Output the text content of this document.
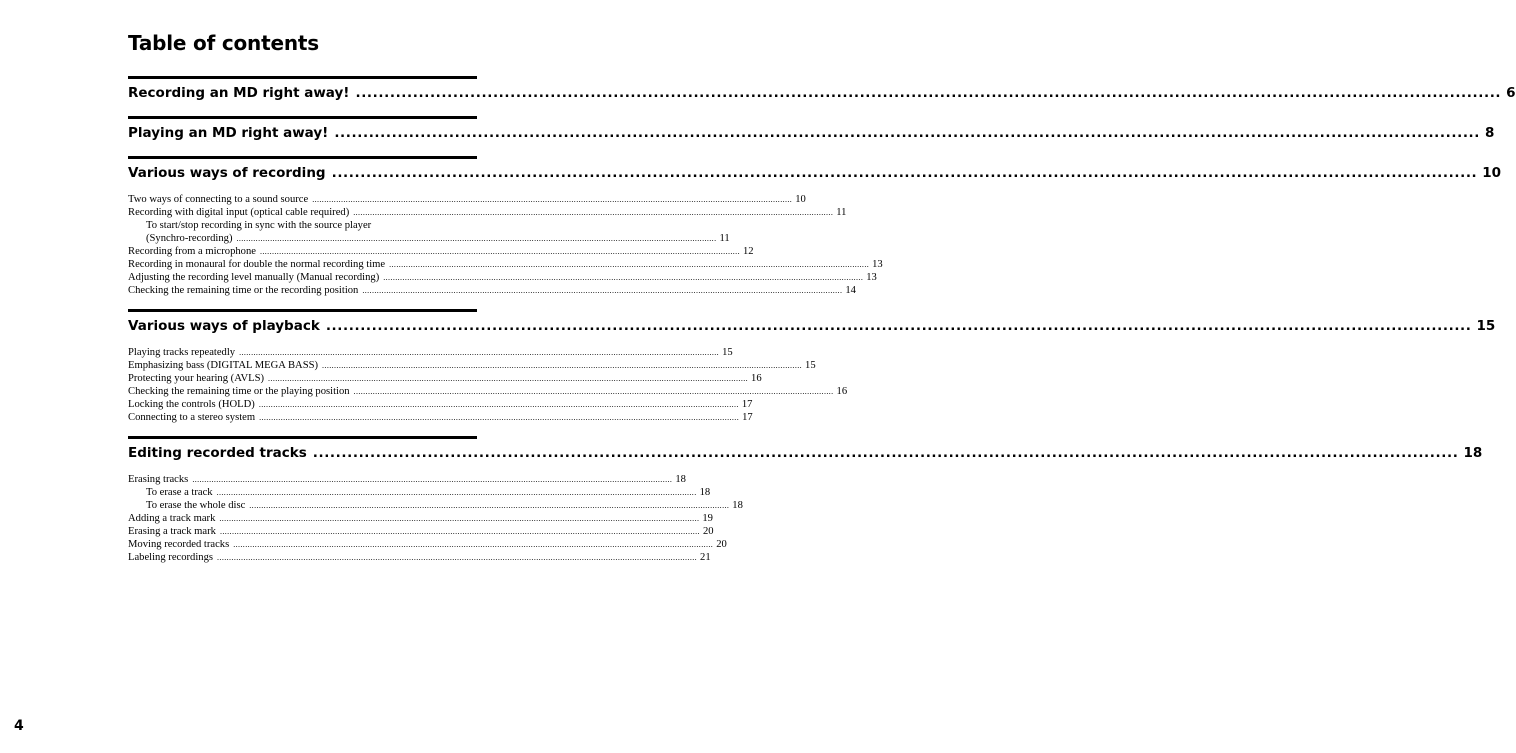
Table of contents
Recording an MD right away! ........................................................................................................................................................................................................ 6
Playing an MD right away! ........................................................................................................................................................................................................ 8
Various ways of recording ........................................................................................................................................................................................................ 10
Two ways of connecting to a sound source ........................................................................................................................................................................................................ 10
Recording with digital input (optical cable required) ........................................................................................................................................................................................................ 11
To start/stop recording in sync with the source player
(Synchro-recording) ........................................................................................................................................................................................................ 11
Recording from a microphone ........................................................................................................................................................................................................ 12
Recording in monaural for double the normal recording time ........................................................................................................................................................................................................ 13
Adjusting the recording level manually (Manual recording) ........................................................................................................................................................................................................ 13
Checking the remaining time or the recording position ........................................................................................................................................................................................................ 14
Various ways of playback ........................................................................................................................................................................................................ 15
Playing tracks repeatedly ........................................................................................................................................................................................................ 15
Emphasizing bass (DIGITAL MEGA BASS) ........................................................................................................................................................................................................ 15
Protecting your hearing (AVLS) ........................................................................................................................................................................................................ 16
Checking the remaining time or the playing position ........................................................................................................................................................................................................ 16
Locking the controls (HOLD) ........................................................................................................................................................................................................ 17
Connecting to a stereo system ........................................................................................................................................................................................................ 17
Editing recorded tracks ........................................................................................................................................................................................................ 18
Erasing tracks ........................................................................................................................................................................................................ 18
To erase a track ........................................................................................................................................................................................................ 18
To erase the whole disc ........................................................................................................................................................................................................ 18
Adding a track mark ........................................................................................................................................................................................................ 19
Erasing a track mark ........................................................................................................................................................................................................ 20
Moving recorded tracks ........................................................................................................................................................................................................ 20
Labeling recordings ........................................................................................................................................................................................................ 21
4
